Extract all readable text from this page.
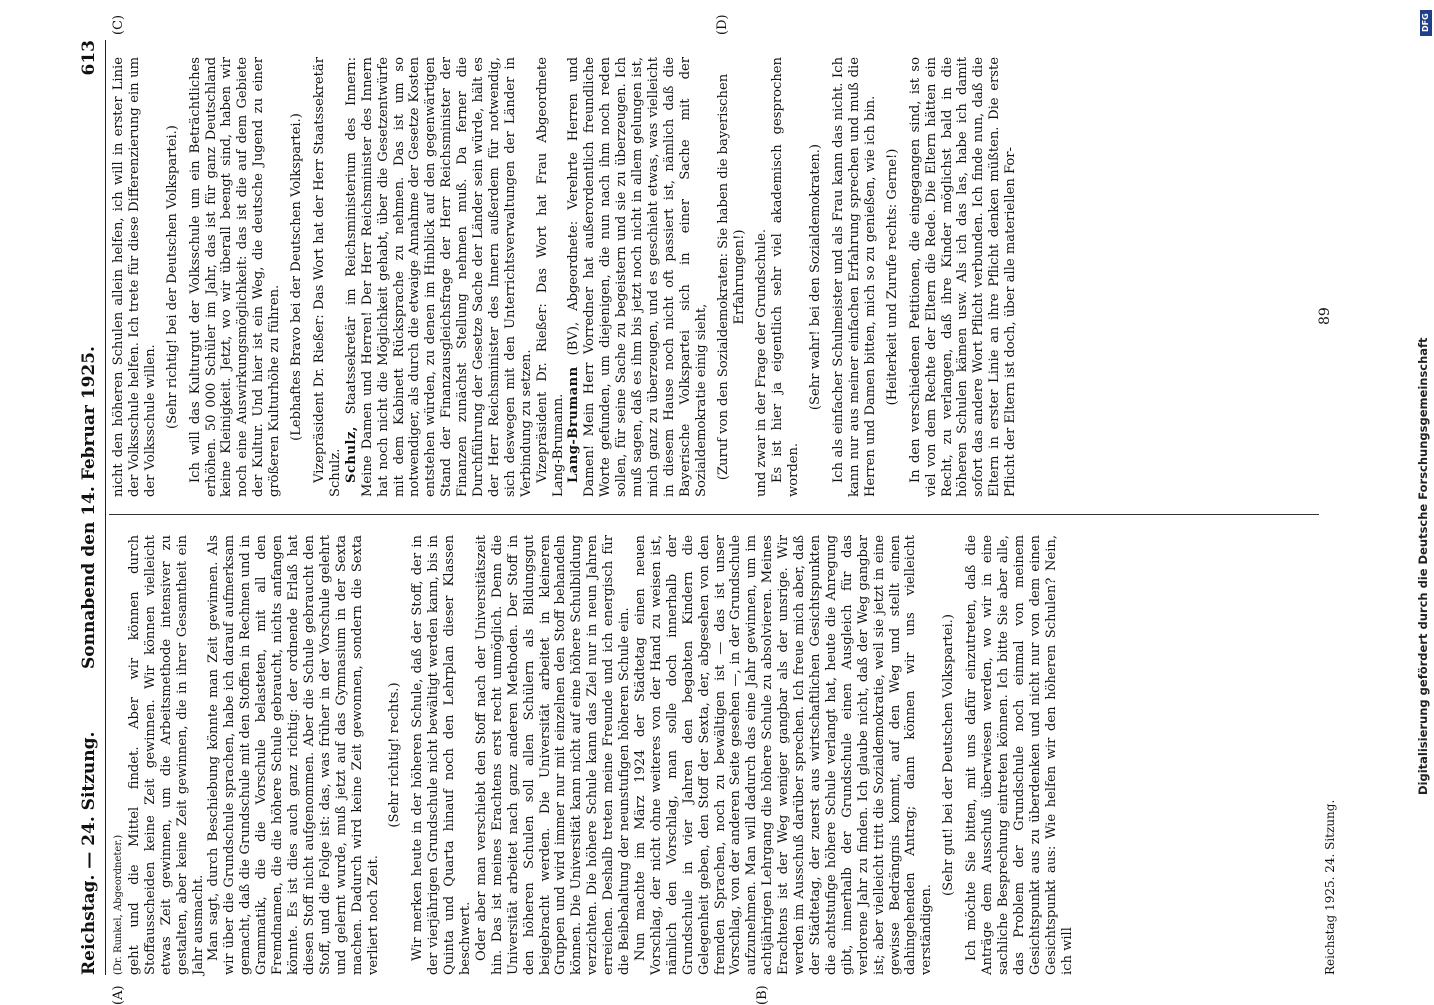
Reichstag. — 24. Sitzung.
Sonnabend den 14. Februar 1925.
613
(A)	(B)
(C)	(D)

(Dr. Runkel, Abgeordneter.) geht und die Mittel findet. Aber wir können durch Stoffausscheiden keine Zeit gewinnen. Wir können vielleicht etwas Zeit gewinnen, um die Arbeitsmethode intensiver zu gestalten, aber keine Zeit gewinnen, die in ihrer Gesamtheit ein Jahr ausmacht. Man sagt, durch Beschiebung könnte man Zeit gewinnen. Als wir über die Grundschule sprachen, habe ich darauf aufmerksam gemacht, daß die Grundschule mit den Stoffen in Rechnen und in Grammatik, die die Vorschule belasteten, mit all den Fremdnamen, die die höhere Schule gebraucht, nichts anfangen könnte. Es ist dies auch ganz richtig: der ordnende Erlaß hat diesen Stoff nicht aufgenommen. Aber die Schule gebraucht den Stoff, und die Folge ist: das, was früher in der Vorschule gelehrt und gelernt wurde, muß jetzt auf das Gymnasium in der Sexta machen. Dadurch wird keine Zeit gewonnen, sondern die Sexta verliert noch Zeit.

(Sehr richtig! rechts.) Wir merken heute in der höheren Schule, daß der Stoff, der in der vierjährigen Grundschule nicht bewältigt werden kann, bis in Quinta und Quarta hinauf noch den Lehrplan dieser Klassen beschwert. Oder aber man verschiebt den Stoff nach der Universitätszeit hin. Das ist meines Erachtens erst recht unmöglich. Denn die Universität arbeitet nach ganz anderen Methoden. Der Stoff in den höheren Schulen soll allen Schülern als Bildungsgut beigebracht werden. Die Universität arbeitet in kleineren Gruppen und wird immer nur mit einzelnen den Stoff behandeln können. Die Universität kann nicht auf eine höhere Schulbildung verzichten. Die höhere Schule kann das Ziel nur in neun Jahren erreichen. Deshalb treten meine Freunde und ich energisch für die Beibehaltung der neunstufigen höheren Schule ein. Nun machte im März 1924 der Städtetag einen neuen Vorschlag, der nicht ohne weiteres von der Hand zu weisen ist, nämlich den Vorschlag, man solle doch innerhalb der Grundschule in vier Jahren den begabten Kindern die Gelegenheit geben, den Stoff der Sexta, der, abgesehen von den fremden Sprachen, noch zu bewältigen ist — das ist unser Vorschlag, von der anderen Seite gesehen —, in der Grundschule aufzunehmen. Man will dadurch das eine Jahr gewinnen, um im achtjährigen Lehrgang die höhere Schule zu absolvieren. Meines Erachtens ist der Weg weniger gangbar als der unsrige. Wir werden im Ausschuß darüber sprechen. Ich freue mich aber, daß der Städtetag, der zuerst aus wirtschaftlichen Gesichtspunkten die achtstufige höhere Schule verlangt hat, heute die Anregung gibt, innerhalb der Grundschule einen Ausgleich für das verlorene Jahr zu finden. Ich glaube nicht, daß der Weg gangbar ist; aber vielleicht tritt die Sozialdemokratie, weil sie jetzt in eine gewisse Bedrängnis kommt, auf den Weg und stellt einen dahingehenden Antrag; dann können wir uns vielleicht verständigen.

(Sehr gut! bei der Deutschen Volkspartei.) Ich möchte Sie bitten, mit uns dafür einzutreten, daß die Anträge dem Ausschuß überwiesen werden, wo wir in eine sachliche Besprechung eintreten können. Ich bitte Sie aber alle, das Problem der Grundschule noch einmal von meinem Gesichtspunkt aus zu überdenken und nicht nur von dem einen Gesichtspunkt aus: Wie helfen wir den höheren Schulen? Nein, ich will

nicht den höheren Schulen allein helfen, ich will in erster Linie der Volksschule helfen. Ich trete für diese Differenzierung ein um der Volksschule willen. (Sehr richtig! bei der Deutschen Volkspartei.) Ich will das Kulturgut der Volksschule um ein Beträchtliches erhöhen. 50 000 Schüler im Jahr, das ist für ganz Deutschland keine Kleinigkeit. Jetzt, wo wir überall beengt sind, haben wir noch eine Auswirkungsmöglichkeit: das ist die auf dem Gebiete der Kultur. Und hier ist ein Weg, die deutsche Jugend zu einer größeren Kulturhöhe zu führen. (Lebhaftes Bravo bei der Deutschen Volkspartei.) Vizepräsident Dr. Rießer: Das Wort hat der Herr Staatssekretär Schulz. Schulz, Staatssekretär im Reichsministerium des Innern: Meine Damen und Herren! Der Herr Reichsminister des Innern hat noch nicht die Möglichkeit gehabt, über die Gesetzentwürfe mit dem Kabinett Rücksprache zu nehmen. Das ist um so notwendiger, als durch die etwaige Annahme der Gesetze Kosten entstehen würden, zu denen im Hinblick auf den gegenwärtigen Stand der Finanzausgleichsfrage der Herr Reichsminister der Finanzen zunächst Stellung nehmen muß. Da ferner die Durchführung der Gesetze Sache der Länder sein würde, hält es der Herr Reichsminister des Innern außerdem für notwendig, sich deswegen mit den Unterrichtsverwaltungen der Länder in Verbindung zu setzen. Vizepräsident Dr. Rießer: Das Wort hat Frau Abgeordnete Lang-Brumann. Lang-Brumann (BV), Abgeordnete: Verehrte Herren und Damen! Mein Herr Vorredner hat außerordentlich freundliche Worte gefunden, um diejenigen, die nun nach ihm noch reden sollen, für seine Sache zu begeistern und sie zu überzeugen. Ich muß sagen, daß es ihm bis jetzt noch nicht in allem gelungen ist, mich ganz zu überzeugen, und es geschieht etwas, was vielleicht in diesem Hause noch nicht oft passiert ist, nämlich daß die Bayerische Volkspartei sich in einer Sache mit der Sozialdemokratie einig sieht, (Zuruf von den Sozialdemokraten: Sie haben die bayerischen Erfahrungen!) und zwar in der Frage der Grundschule. Es ist hier ja eigentlich sehr viel akademisch gesprochen worden.

(Sehr wahr! bei den Sozialdemokraten.) Ich als einfacher Schulmeister und als Frau kann das nicht. Ich kann nur aus meiner einfachen Erfahrung sprechen und muß die Herren und Damen bitten, mich so zu genießen, wie ich bin. (Heiterkeit und Zurufe rechts: Gerne!) In den verschiedenen Petitionen, die eingegangen sind, ist so viel von dem Rechte der Eltern die Rede. Die Eltern hätten ein Recht, zu verlangen, daß ihre Kinder möglichst bald in die höheren Schulen kämen usw. Als ich das las, habe ich damit sofort das andere Wort Pflicht verbunden. Ich finde nun, daß die Eltern in erster Linie an ihre Pflicht denken müßten. Die erste Pflicht der Eltern ist doch, über alle materiellen For-

Reichstag 1925. 24. Sitzung.
89
DFG
Digitalisierung gefördert durch die Deutsche Forschungsgemeinschaft
